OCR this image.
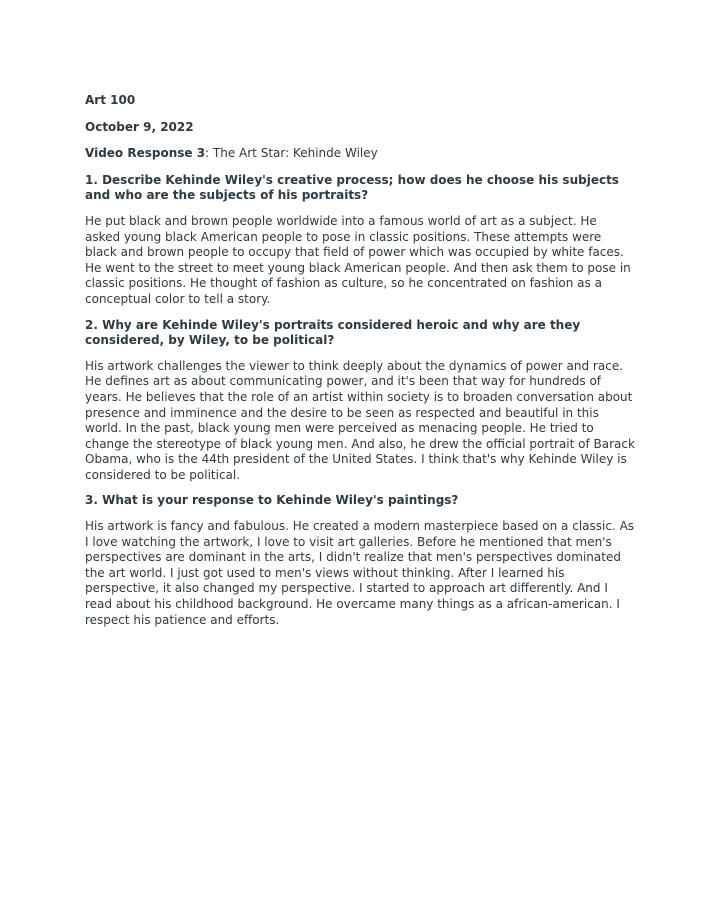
Art 100

October 9, 2022

Video Response 3: The Art Star: Kehinde Wiley

1. Describe Kehinde Wiley's creative process; how does he choose his subjects and who are the subjects of his portraits?

He put black and brown people worldwide into a famous world of art as a subject. He asked young black American people to pose in classic positions. These attempts were black and brown people to occupy that field of power which was occupied by white faces. He went to the street to meet young black American people. And then ask them to pose in classic positions. He thought of fashion as culture, so he concentrated on fashion as a conceptual color to tell a story.

2. Why are Kehinde Wiley's portraits considered heroic and why are they considered, by Wiley, to be political?

His artwork challenges the viewer to think deeply about the dynamics of power and race. He defines art as about communicating power, and it's been that way for hundreds of years. He believes that the role of an artist within society is to broaden conversation about presence and imminence and the desire to be seen as respected and beautiful in this world. In the past, black young men were perceived as menacing people. He tried to change the stereotype of black young men. And also, he drew the official portrait of Barack Obama, who is the 44th president of the United States. I think that's why Kehinde Wiley is considered to be political.

3. What is your response to Kehinde Wiley's paintings?

His artwork is fancy and fabulous. He created a modern masterpiece based on a classic. As I love watching the artwork, I love to visit art galleries. Before he mentioned that men's perspectives are dominant in the arts, I didn't realize that men's perspectives dominated the art world. I just got used to men's views without thinking. After I learned his perspective, it also changed my perspective. I started to approach art differently. And I read about his childhood background. He overcame many things as a african-american. I respect his patience and efforts.
